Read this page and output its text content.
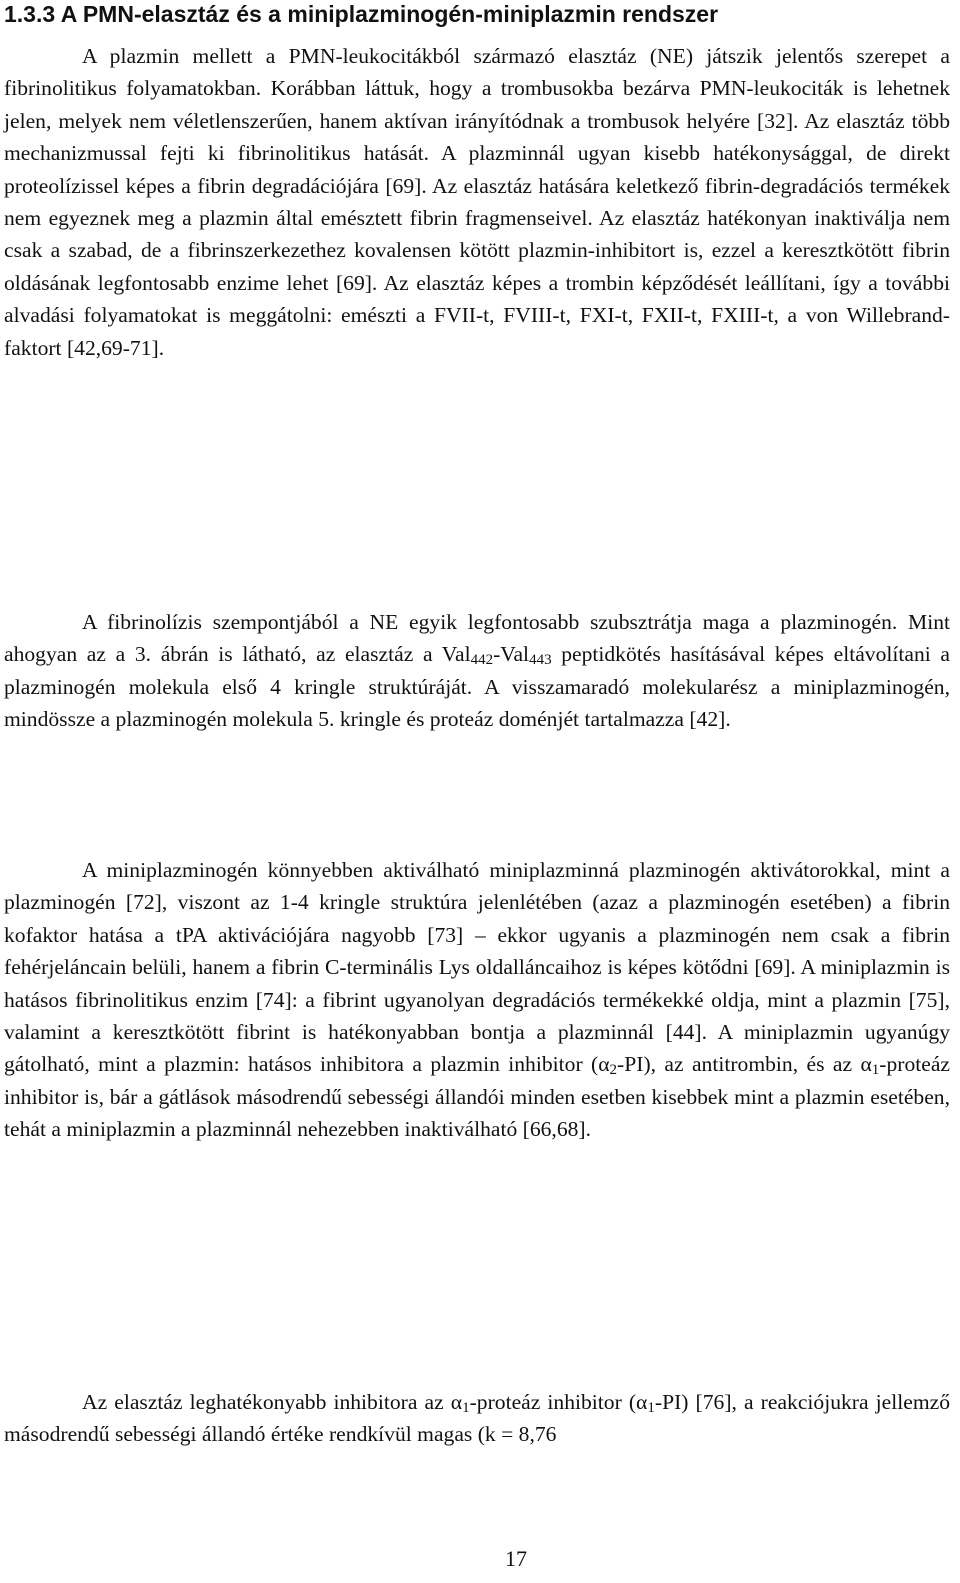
1.3.3 A PMN-elasztáz és a miniplazminogén-miniplazmin rendszer

A plazmin mellett a PMN-leukocitákból származó elasztáz (NE) játszik jelentős szerepet a fibrinolitikus folyamatokban. Korábban láttuk, hogy a trombusokba bezárva PMN-leukociták is lehetnek jelen, melyek nem véletlenszerűen, hanem aktívan irányítódnak a trombusok helyére [32]. Az elasztáz több mechanizmussal fejti ki fibrinolitikus hatását. A plazminnál ugyan kisebb hatékonysággal, de direkt proteolízissel képes a fibrin degradációjára [69]. Az elasztáz hatására keletkező fibrin-degradációs termékek nem egyeznek meg a plazmin által emésztett fibrin fragmenseivel. Az elasztáz hatékonyan inaktiválja nem csak a szabad, de a fibrinszerkezethez kovalensen kötött plazmin-inhibitort is, ezzel a keresztkötött fibrin oldásának legfontosabb enzime lehet [69]. Az elasztáz képes a trombin képződését leállítani, így a további alvadási folyamatokat is meggátolni: emészti a FVII-t, FVIII-t, FXI-t, FXII-t, FXIII-t, a von Willebrand-faktort [42,69-71].

A fibrinolízis szempontjából a NE egyik legfontosabb szubsztrátja maga a plazminogén. Mint ahogyan az a 3. ábrán is látható, az elasztáz a Val$_{442}$-Val$_{443}$ peptidkötés hasításával képes eltávolítani a plazminogén molekula első 4 kringle struktúráját. A visszamaradó molekularész a miniplazminogén, mindössze a plazminogén molekula 5. kringle és proteáz doménjét tartalmazza [42].

A miniplazminogén könnyebben aktiválható miniplazminná plazminogén aktivátorokkal, mint a plazminogén [72], viszont az 1-4 kringle struktúra jelenlétében (azaz a plazminogén esetében) a fibrin kofaktor hatása a tPA aktivációjára nagyobb [73] – ekkor ugyanis a plazminogén nem csak a fibrin fehérjeláncain belüli, hanem a fibrin C-terminális Lys oldalláncaihoz is képes kötődni [69]. A miniplazmin is hatásos fibrinolitikus enzim [74]: a fibrint ugyanolyan degradációs termékekké oldja, mint a plazmin [75], valamint a keresztkötött fibrint is hatékonyabban bontja a plazminnál [44]. A miniplazmin ugyanúgy gátolható, mint a plazmin: hatásos inhibitora a plazmin inhibitor $(\alpha_2-PI)$, az antitrombin, és az $\alpha_1$-proteáz inhibitor is, bár a gátlások másodrendű sebességi állandói minden esetben kisebbek mint a plazmin esetében, tehát a miniplazmin a plazminnál nehezebben inaktiválható [66,68].

Az elasztáz leghatékonyabb inhibitora az $\alpha_1$-proteáz inhibitor $(\alpha_1-PI)$ [76], a reakciójukra jellemző másodrendű sebességi állandó értéke rendkívül magas (k = 8,76

17
